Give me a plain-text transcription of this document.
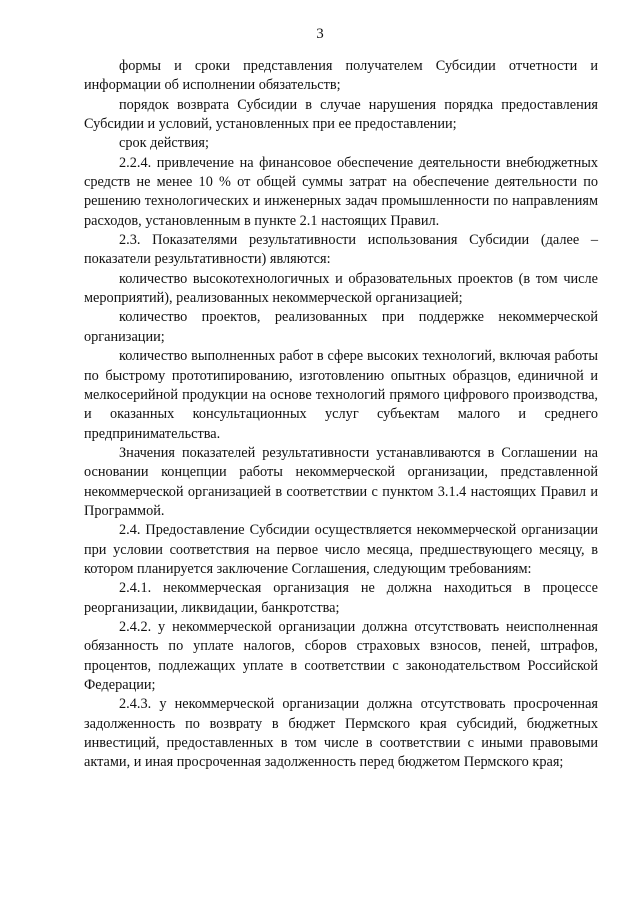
3

формы и сроки представления получателем Субсидии отчетности и информации об исполнении обязательств;

порядок возврата Субсидии в случае нарушения порядка предоставления Субсидии и условий, установленных при ее предоставлении;

срок действия;

2.2.4. привлечение на финансовое обеспечение деятельности внебюджетных средств не менее 10 % от общей суммы затрат на обеспечение деятельности по решению технологических и инженерных задач промышленности по направлениям расходов, установленным в пункте 2.1 настоящих Правил.

2.3. Показателями результативности использования Субсидии (далее – показатели результативности) являются:

количество высокотехнологичных и образовательных проектов (в том числе мероприятий), реализованных некоммерческой организацией;

количество проектов, реализованных при поддержке некоммерческой организации;

количество выполненных работ в сфере высоких технологий, включая работы по быстрому прототипированию, изготовлению опытных образцов, единичной и мелкосерийной продукции на основе технологий прямого цифрового производства, и оказанных консультационных услуг субъектам малого и среднего предпринимательства.

Значения показателей результативности устанавливаются в Соглашении на основании концепции работы некоммерческой организации, представленной некоммерческой организацией в соответствии с пунктом 3.1.4 настоящих Правил и Программой.

2.4. Предоставление Субсидии осуществляется некоммерческой организации при условии соответствия на первое число месяца, предшествующего месяцу, в котором планируется заключение Соглашения, следующим требованиям:

2.4.1. некоммерческая организация не должна находиться в процессе реорганизации, ликвидации, банкротства;

2.4.2. у некоммерческой организации должна отсутствовать неисполненная обязанность по уплате налогов, сборов страховых взносов, пеней, штрафов, процентов, подлежащих уплате в соответствии с законодательством Российской Федерации;

2.4.3. у некоммерческой организации должна отсутствовать просроченная задолженность по возврату в бюджет Пермского края субсидий, бюджетных инвестиций, предоставленных в том числе в соответствии с иными правовыми актами, и иная просроченная задолженность перед бюджетом Пермского края;
